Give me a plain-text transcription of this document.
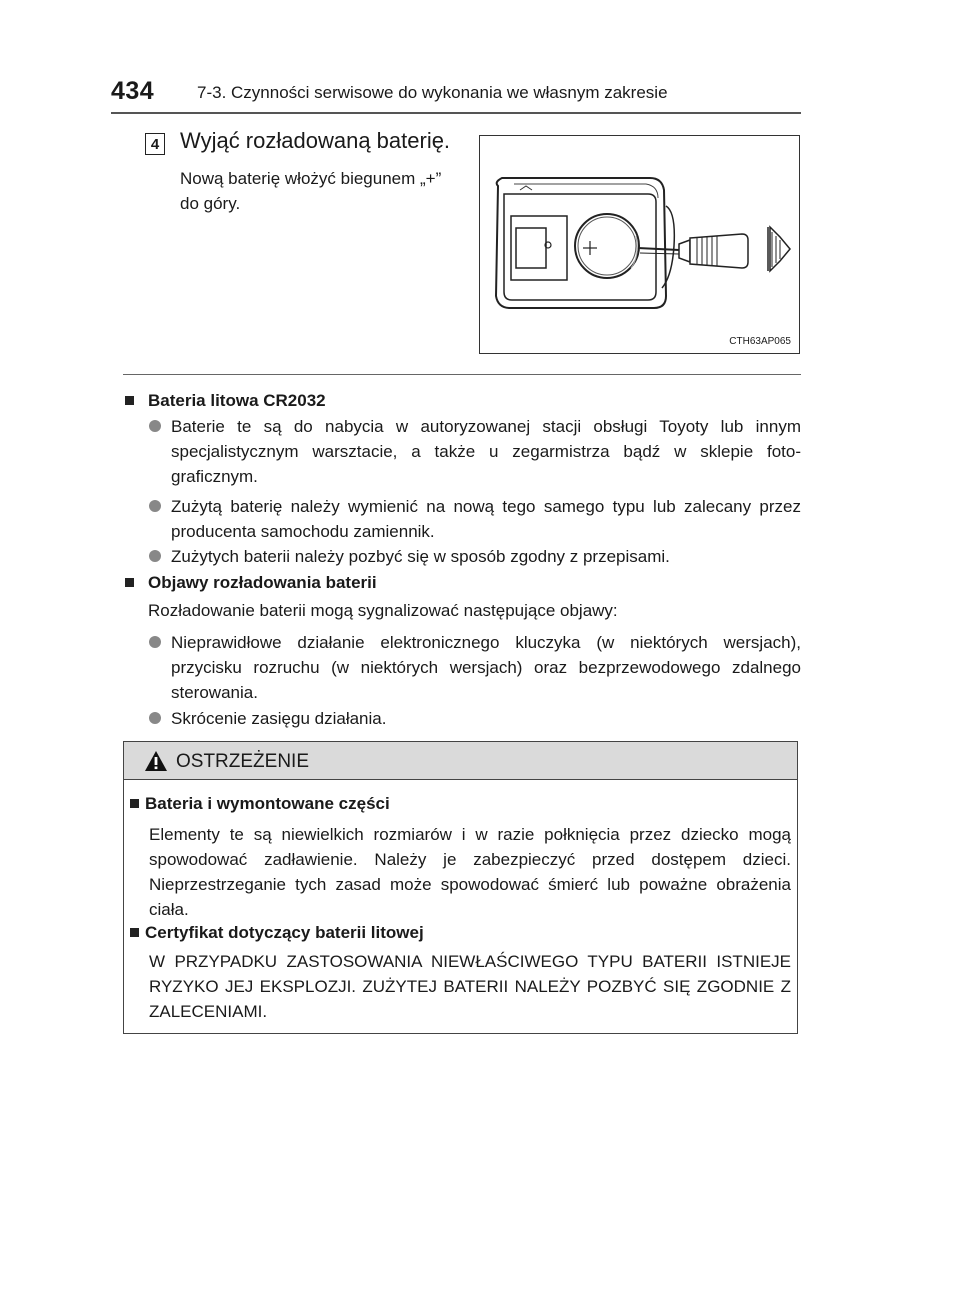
434	7-3. Czynności serwisowe do wykonania we własnym zakresie
4 Wyjąć rozładowaną baterię.
Nową baterię włożyć biegunem „+” do góry.
CTH63AP065
Bateria litowa CR2032
Baterie te są do nabycia w autoryzowanej stacji obsługi Toyoty lub innym specjalistycznym warsztacie, a także u zegarmistrza bądź w sklepie foto-graficznym.
Zużytą baterię należy wymienić na nową tego samego typu lub zalecany przez producenta samochodu zamiennik.
Zużytych baterii należy pozbyć się w sposób zgodny z przepisami.
Objawy rozładowania baterii
Rozładowanie baterii mogą sygnalizować następujące objawy:
Nieprawidłowe działanie elektronicznego kluczyka (w niektórych wersjach), przycisku rozruchu (w niektórych wersjach) oraz bezprzewodowego zdalnego sterowania.
Skrócenie zasięgu działania.
OSTRZEŻENIE
Bateria i wymontowane części
Elementy te są niewielkich rozmiarów i w razie połknięcia przez dziecko mogą spowodować zadławienie. Należy je zabezpieczyć przed dostępem dzieci. Nieprzestrzeganie tych zasad może spowodować śmierć lub poważne obrażenia ciała.
Certyfikat dotyczący baterii litowej
W PRZYPADKU ZASTOSOWANIA NIEWŁAŚCIWEGO TYPU BATERII ISTNIEJE RYZYKO JEJ EKSPLOZJI. ZUŻYTEJ BATERII NALEŻY POZBYĆ SIĘ ZGODNIE Z ZALECENIAMI.
